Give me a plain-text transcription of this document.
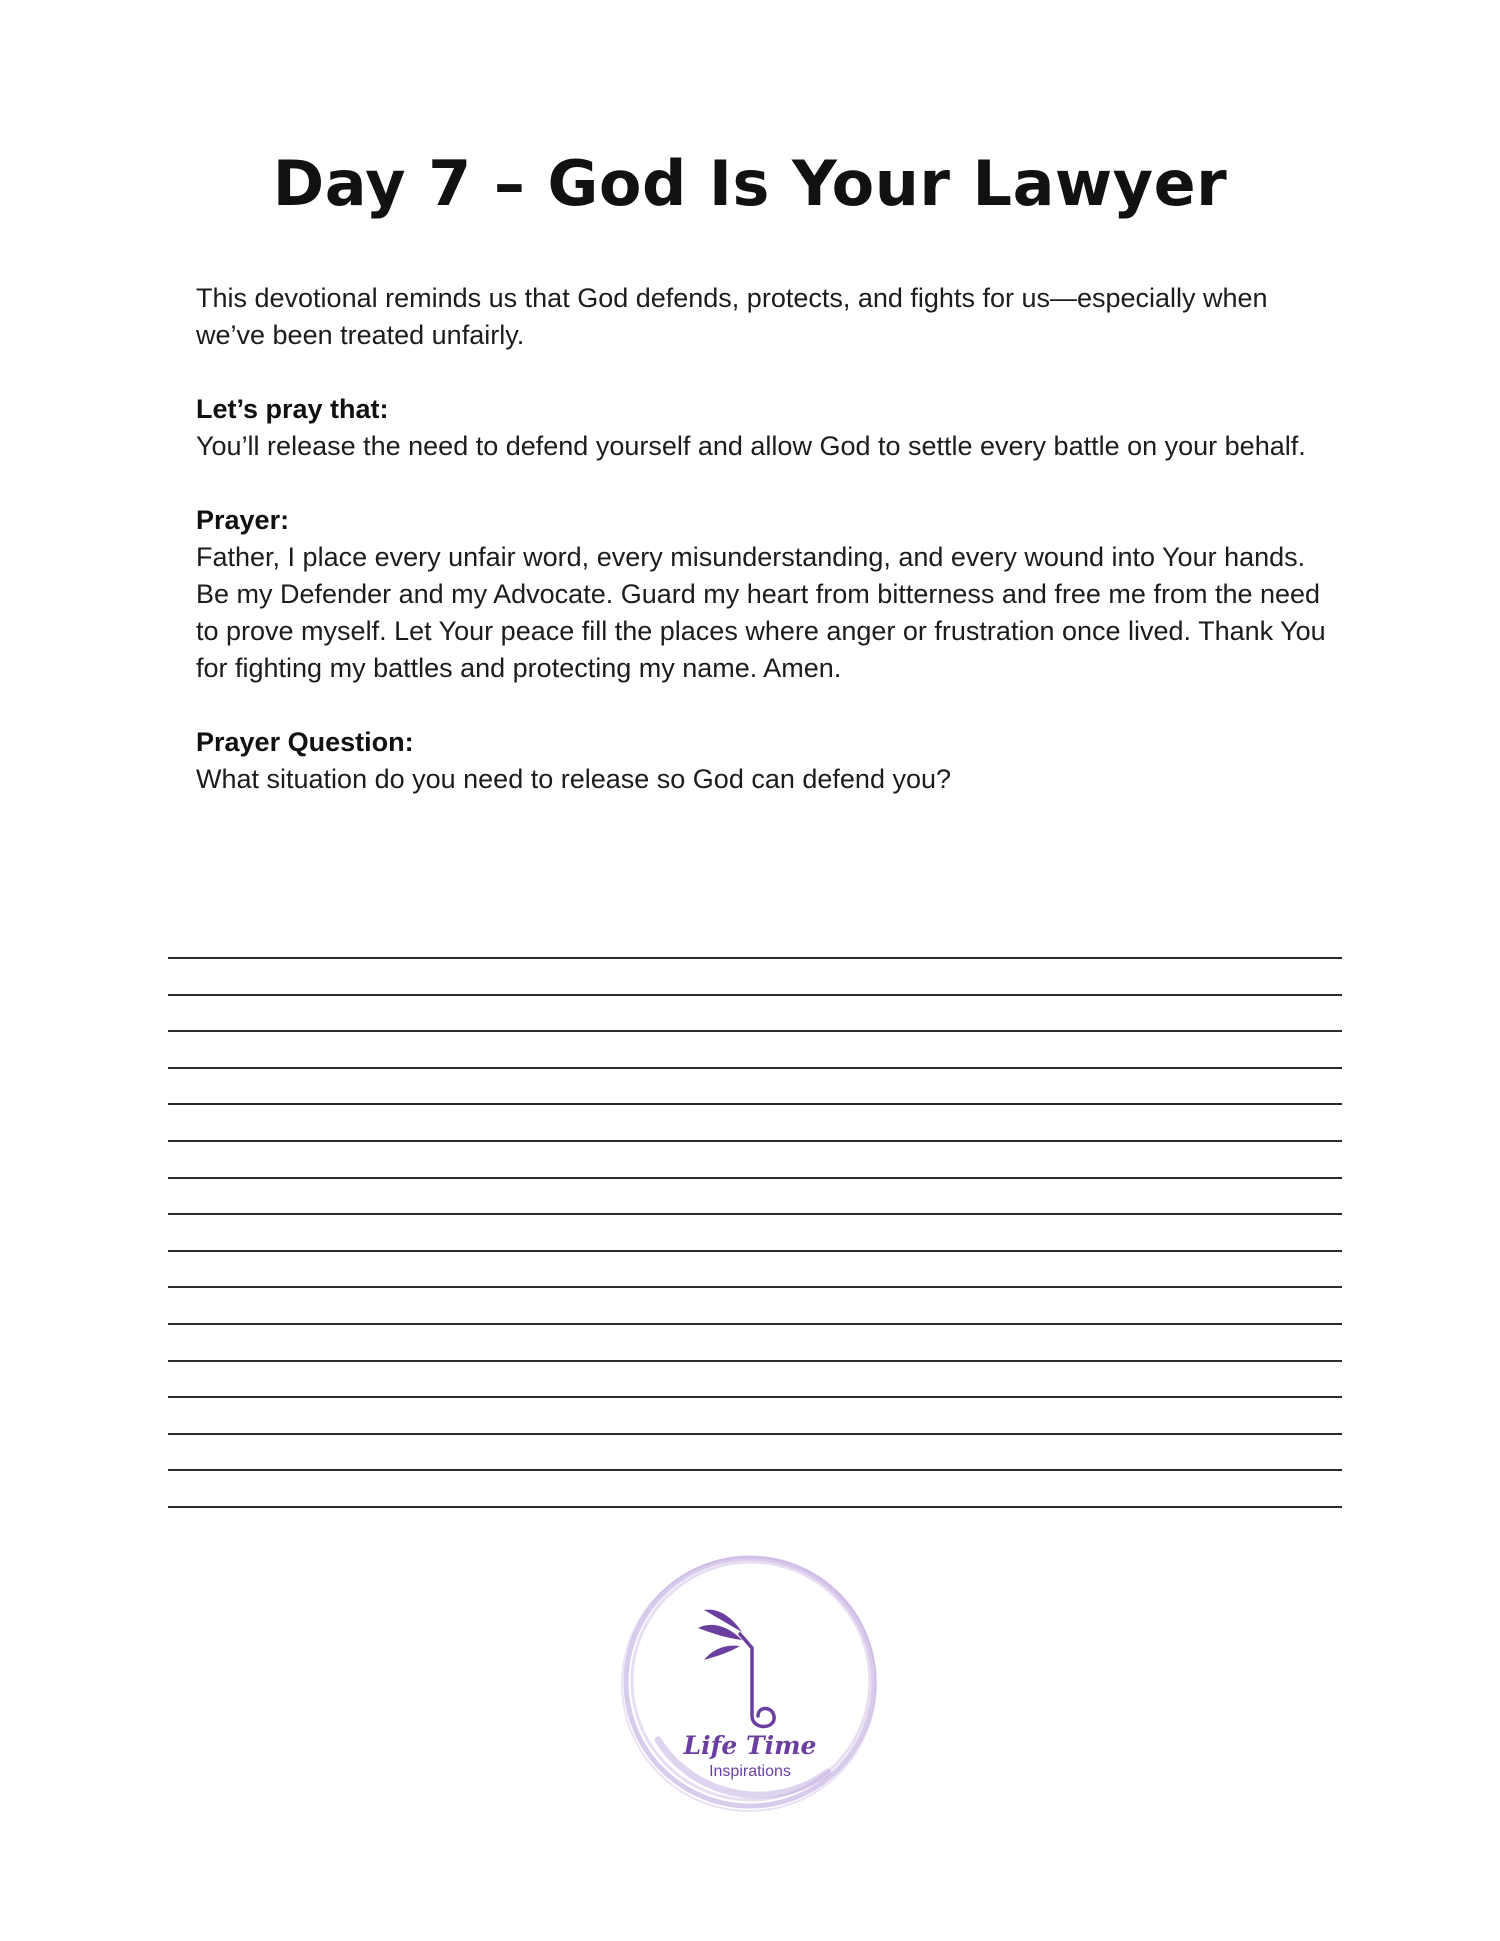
Day 7 – God Is Your Lawyer

This devotional reminds us that God defends, protects, and fights for us—especially when we’ve been treated unfairly.

Let’s pray that:

You’ll release the need to defend yourself and allow God to settle every battle on your behalf.

Prayer:

Father, I place every unfair word, every misunderstanding, and every wound into Your hands. Be my Defender and my Advocate. Guard my heart from bitterness and free me from the need to prove myself. Let Your peace fill the places where anger or frustration once lived. Thank You for fighting my battles and protecting my name. Amen.

Prayer Question:

What situation do you need to release so God can defend you?

Life Time
Inspirations
